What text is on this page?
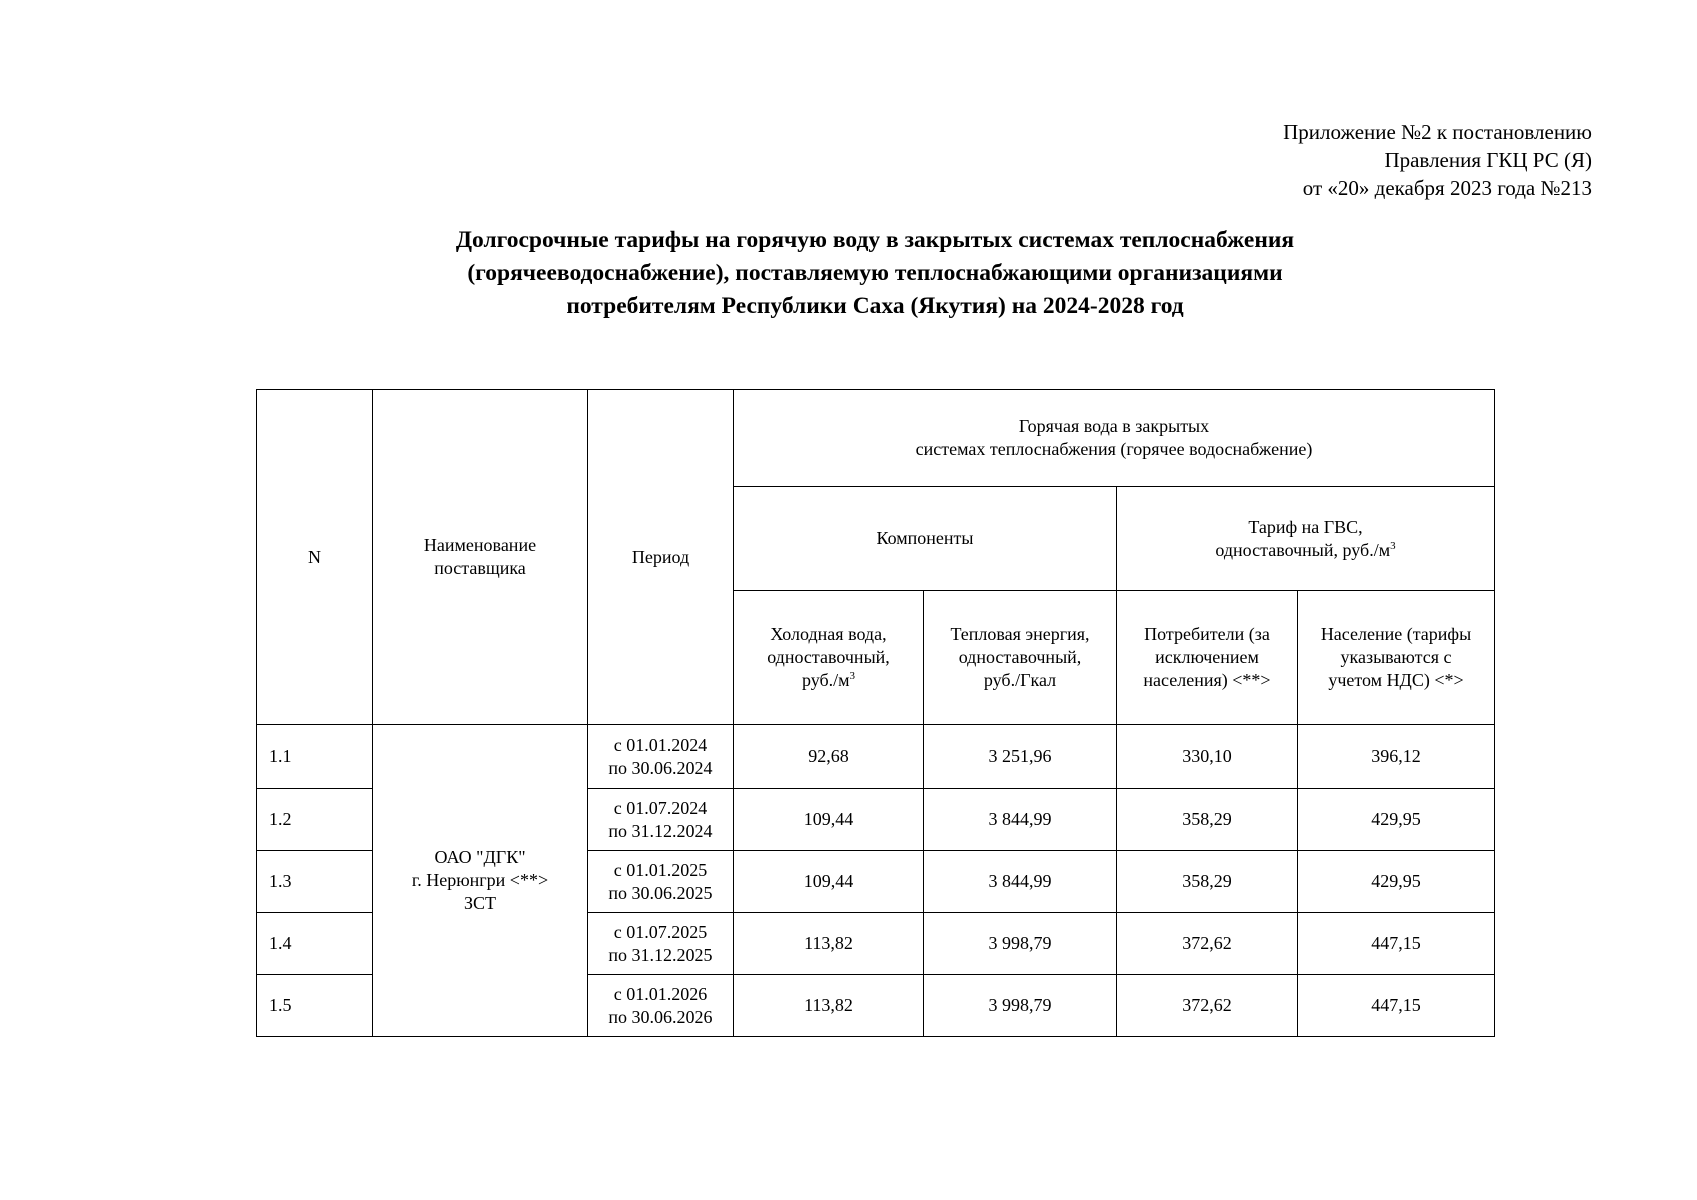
Приложение №2 к постановлению
Правления ГКЦ РС (Я)
от «20» декабря 2023 года №213
Долгосрочные тарифы на горячую воду в закрытых системах теплоснабжения
(горячееводоснабжение), поставляемую теплоснабжающими организациями
потребителям Республики Саха (Якутия) на 2024-2028 год
N	Наименование поставщика	Период	Горячая вода в закрытых
системах теплоснабжения (горячее водоснабжение)			

			Компоненты		Тариф на ГВС,
одноставочный, $руб./м^3$

			Холодная вода,
одноставочный,
$руб./м^3$	Тепловая энергия,
одноставочный,
руб./Гкал	Потребители (за
исключением
населения) <**>	Население (тарифы
указываются с
учетом НДС) <*>

1.1	ОАО "ДГК"
г. Нерюнгри <**>
ЗСТ	с 01.01.2024
по 30.06.2024	92,68	3 251,96	330,10	396,12
1.2		с 01.07.2024
по 31.12.2024	109,44	3 844,99	358,29	429,95
1.3		с 01.01.2025
по 30.06.2025	109,44	3 844,99	358,29	429,95
1.4		с 01.07.2025
по 31.12.2025	113,82	3 998,79	372,62	447,15
1.5		с 01.01.2026
по 30.06.2026	113,82	3 998,79	372,62	447,15
